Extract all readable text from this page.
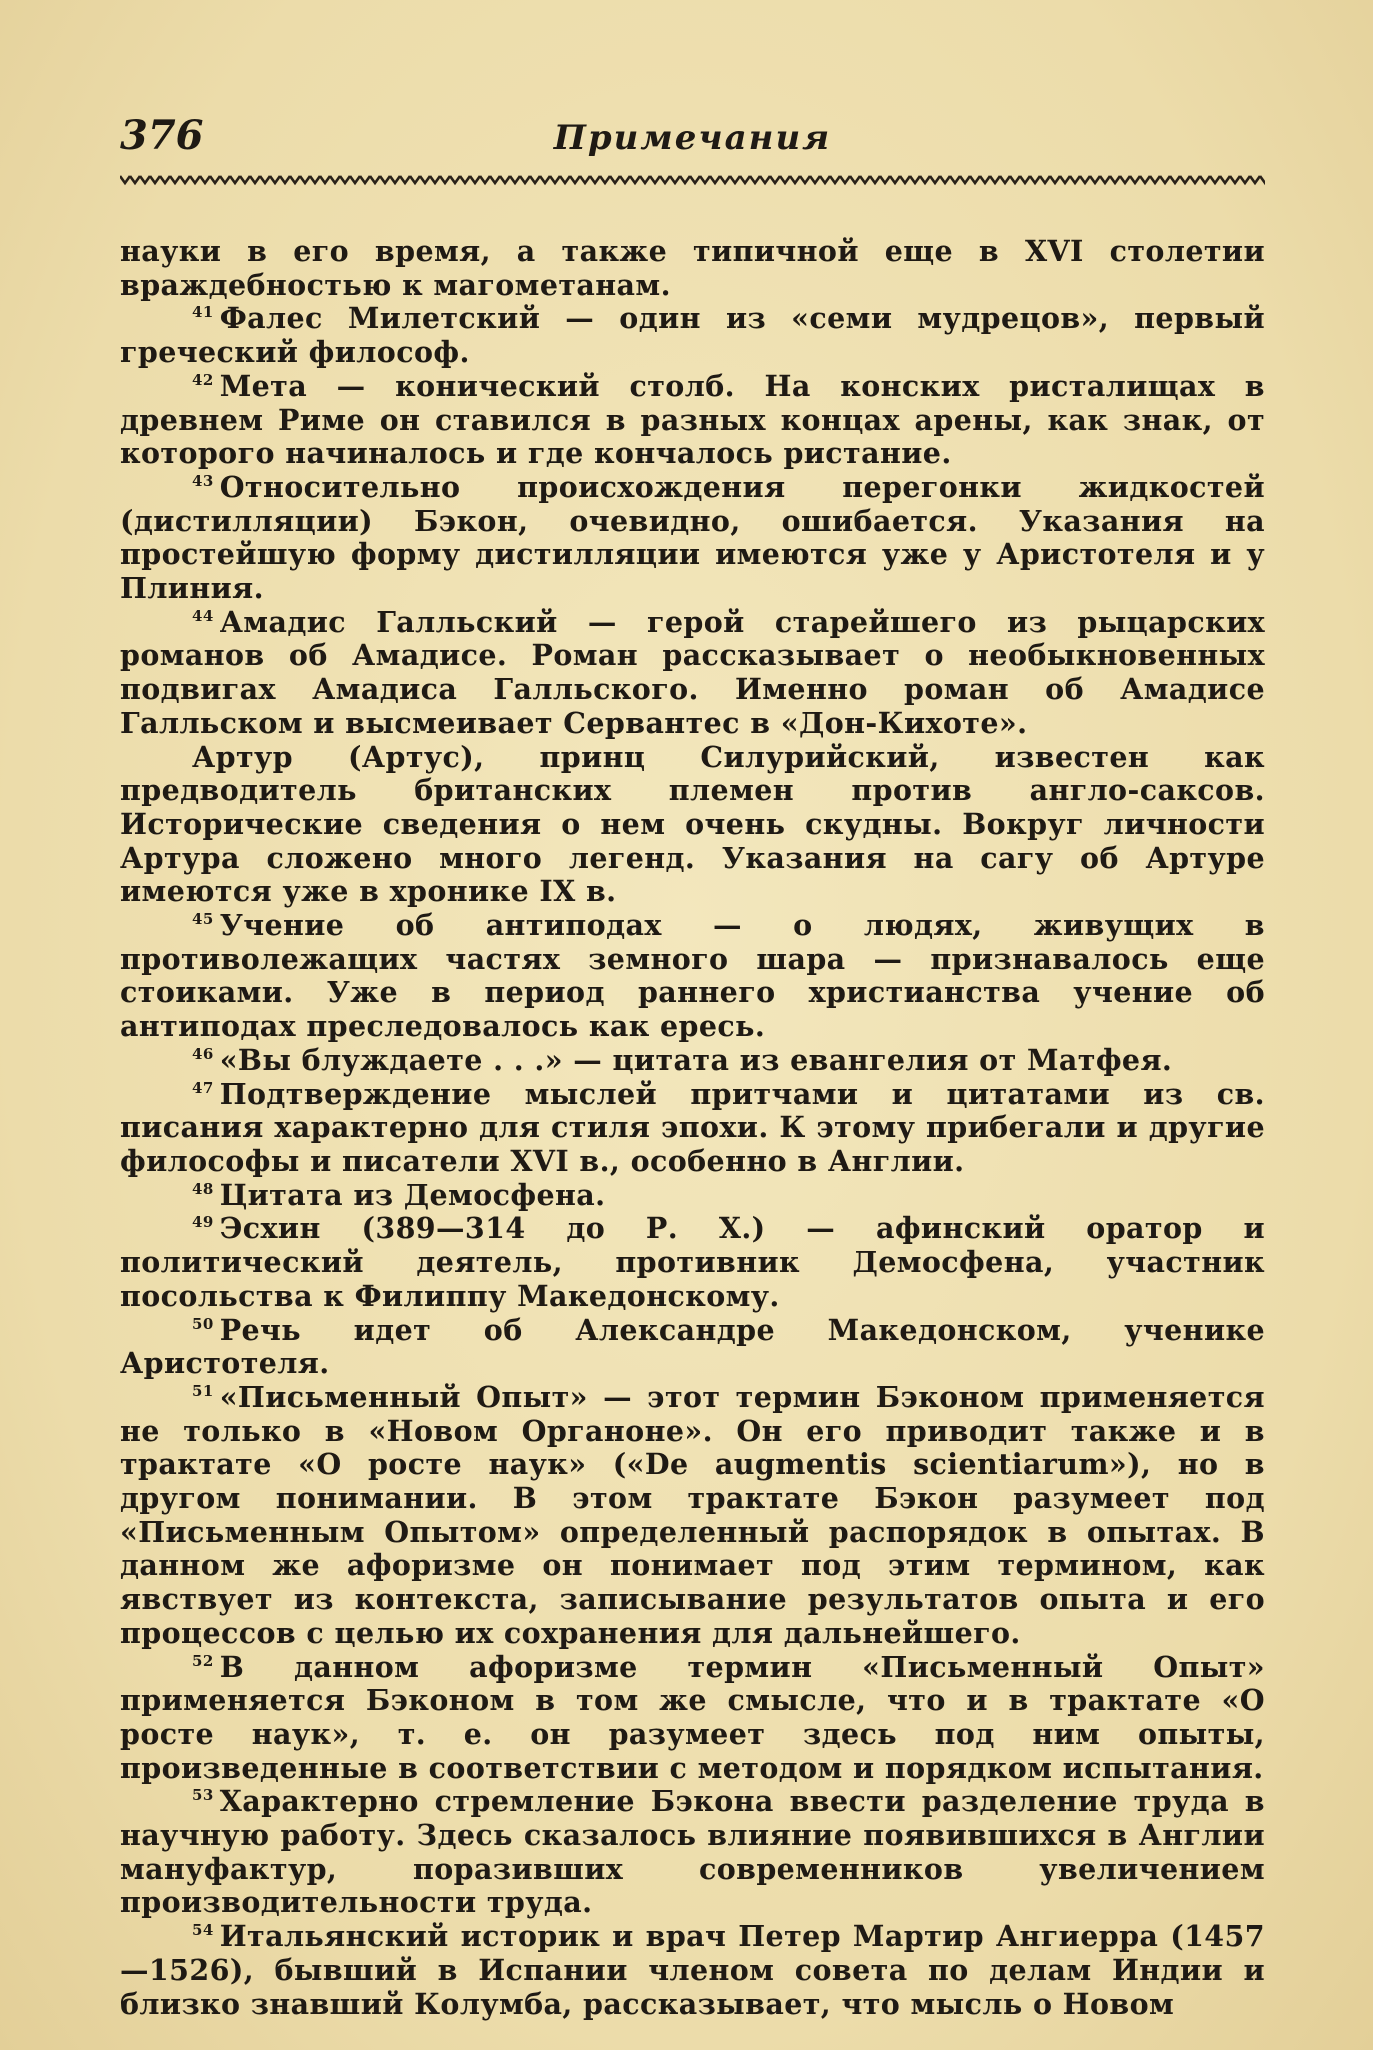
376	Примечания

науки в его время, а также типичной еще в XVI столетии враждебностью к магометанам.

$^{41}$ Фалес Милетский — один из «семи мудрецов», первый греческий философ.

$^{42}$ Мета — конический столб. На конских ристалищах в древнем Риме он ставился в разных концах арены, как знак, от которого начиналось и где кончалось ристание.

$^{43}$ Относительно происхождения перегонки жидкостей (дистилляции) Бэкон, очевидно, ошибается. Указания на простейшую форму дистилляции имеются уже у Аристотеля и у Плиния.

$^{44}$ Амадис Галльский — герой старейшего из рыцарских романов об Амадисе. Роман рассказывает о необыкновенных подвигах Амадиса Галльского. Именно роман об Амадисе Галльском и высмеивает Сервантес в «Дон-Кихоте».

Артур (Артус), принц Силурийский, известен как предводитель британских племен против англо-саксов. Исторические сведения о нем очень скудны. Вокруг личности Артура сложено много легенд. Указания на сагу об Артуре имеются уже в хронике IX в.

$^{45}$ Учение об антиподах — о людях, живущих в противолежащих частях земного шара — признавалось еще стоиками. Уже в период раннего христианства учение об антиподах преследовалось как ересь.

$^{46}$ «Вы блуждаете . . .» — цитата из евангелия от Матфея.

$^{47}$ Подтверждение мыслей притчами и цитатами из св. писания характерно для стиля эпохи. К этому прибегали и другие философы и писатели XVI в., особенно в Англии.

$^{48}$ Цитата из Демосфена.

$^{49}$ Эсхин (389—314 до Р. Х.) — афинский оратор и политический деятель, противник Демосфена, участник посольства к Филиппу Македонскому.

$^{50}$ Речь идет об Александре Македонском, ученике Аристотеля.

$^{51}$ «Письменный Опыт» — этот термин Бэконом применяется не только в «Новом Органоне». Он его приводит также и в трактате «О росте наук» («De augmentis scientiarum»), но в другом понимании. В этом трактате Бэкон разумеет под «Письменным Опытом» определенный распорядок в опытах. В данном же афоризме он понимает под этим термином, как явствует из контекста, записывание результатов опыта и его процессов с целью их сохранения для дальнейшего.

$^{52}$ В данном афоризме термин «Письменный Опыт» применяется Бэконом в том же смысле, что и в трактате «О росте наук», т. е. он разумеет здесь под ним опыты, произведенные в соответствии с методом и порядком испытания.

$^{53}$ Характерно стремление Бэкона ввести разделение труда в научную работу. Здесь сказалось влияние появившихся в Англии мануфактур, поразивших современников увеличением производительности труда.

$^{54}$ Итальянский историк и врач Петер Мартир Ангиерра (1457—1526), бывший в Испании членом совета по делам Индии и близко знавший Колумба, рассказывает, что мысль о Новом
